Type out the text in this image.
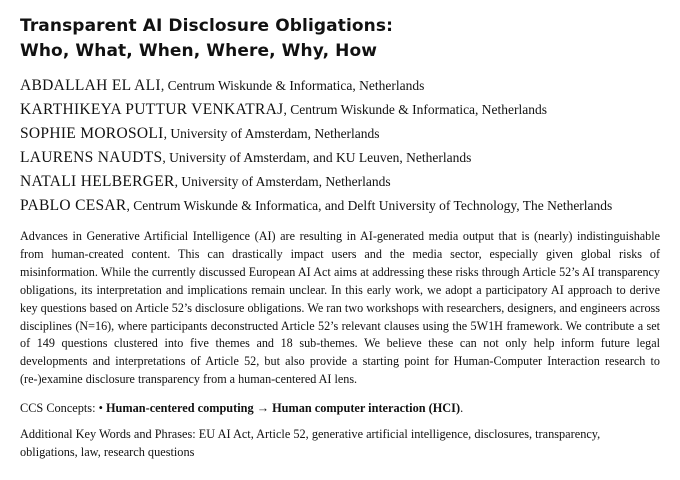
Transparent AI Disclosure Obligations:
Who, What, When, Where, Why, How
ABDALLAH EL ALI, Centrum Wiskunde & Informatica, Netherlands
KARTHIKEYA PUTTUR VENKATRAJ, Centrum Wiskunde & Informatica, Netherlands
SOPHIE MOROSOLI, University of Amsterdam, Netherlands
LAURENS NAUDTS, University of Amsterdam, and KU Leuven, Netherlands
NATALI HELBERGER, University of Amsterdam, Netherlands
PABLO CESAR, Centrum Wiskunde & Informatica, and Delft University of Technology, The Netherlands

Advances in Generative Artificial Intelligence (AI) are resulting in AI-generated media output that is (nearly) indistinguishable from human-created content. This can drastically impact users and the media sector, especially given global risks of misinformation. While the currently discussed European AI Act aims at addressing these risks through Article 52’s AI transparency obligations, its interpretation and implications remain unclear. In this early work, we adopt a participatory AI approach to derive key questions based on Article 52’s disclosure obligations. We ran two workshops with researchers, designers, and engineers across disciplines (N=16), where participants deconstructed Article 52’s relevant clauses using the 5W1H framework. We contribute a set of 149 questions clustered into five themes and 18 sub-themes. We believe these can not only help inform future legal developments and interpretations of Article 52, but also provide a starting point for Human-Computer Interaction research to (re-)examine disclosure transparency from a human-centered AI lens.

CCS Concepts: • Human-centered computing → Human computer interaction (HCI).
Additional Key Words and Phrases: EU AI Act, Article 52, generative artificial intelligence, disclosures, transparency, obligations, law, research questions
